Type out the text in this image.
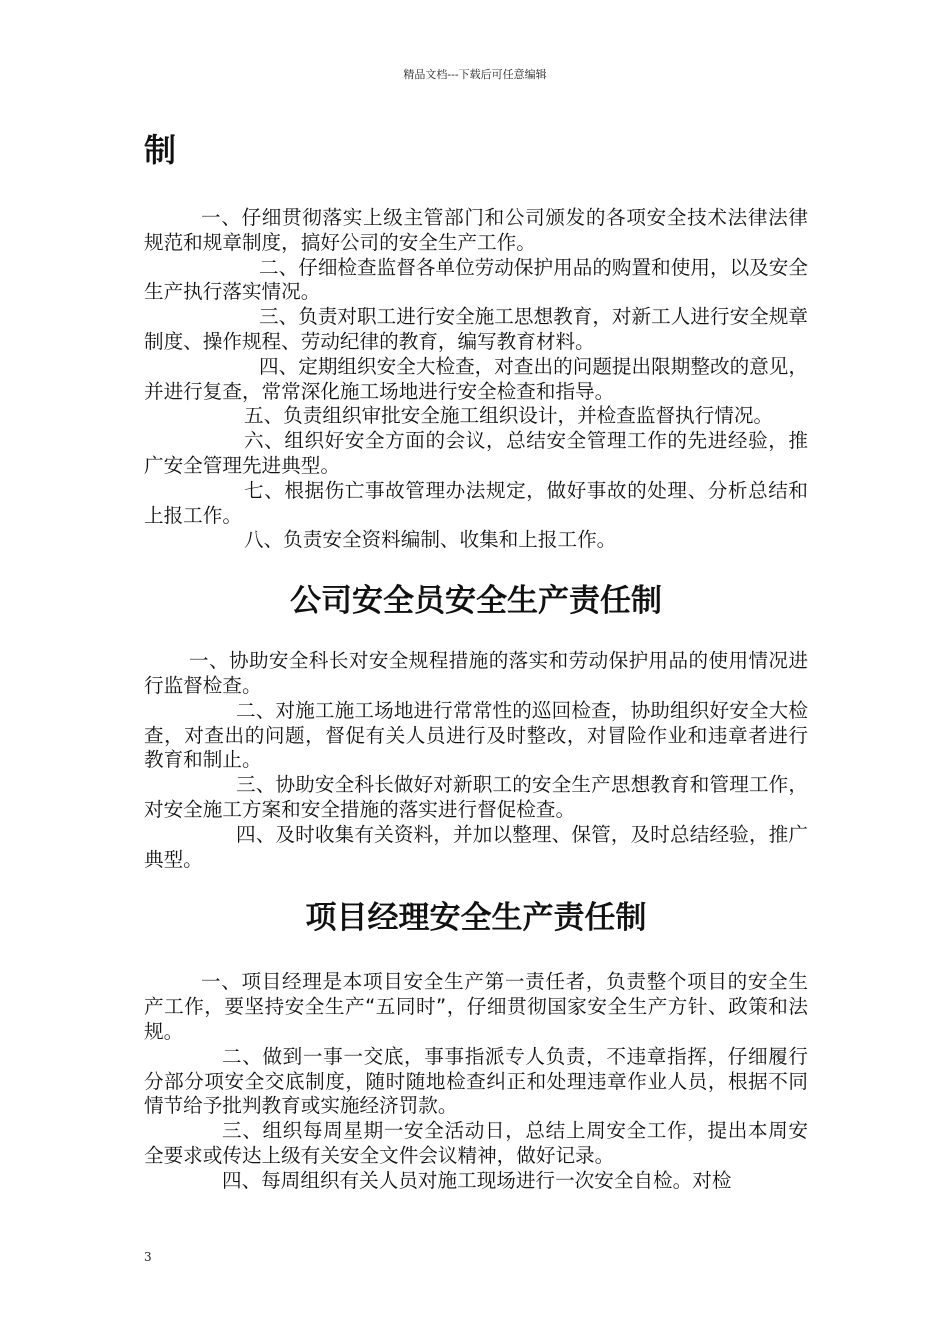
精品文档---下载后可任意编辑
制

一、仔细贯彻落实上级主管部门和公司颁发的各项安全技术法律法律规范和规章制度，搞好公司的安全生产工作。

二、仔细检查监督各单位劳动保护用品的购置和使用，以及安全生产执行落实情况。

三、负责对职工进行安全施工思想教育，对新工人进行安全规章制度、操作规程、劳动纪律的教育，编写教育材料。

四、定期组织安全大检查，对查出的问题提出限期整改的意见，并进行复查，常常深化施工场地进行安全检查和指导。

五、负责组织审批安全施工组织设计，并检查监督执行情况。

六、组织好安全方面的会议，总结安全管理工作的先进经验，推广安全管理先进典型。

七、根据伤亡事故管理办法规定，做好事故的处理、分析总结和上报工作。

八、负责安全资料编制、收集和上报工作。

公司安全员安全生产责任制

一、协助安全科长对安全规程措施的落实和劳动保护用品的使用情况进行监督检查。

二、对施工施工场地进行常常性的巡回检查，协助组织好安全大检查，对查出的问题，督促有关人员进行及时整改，对冒险作业和违章者进行教育和制止。

三、协助安全科长做好对新职工的安全生产思想教育和管理工作，对安全施工方案和安全措施的落实进行督促检查。

四、及时收集有关资料，并加以整理、保管，及时总结经验，推广典型。

项目经理安全生产责任制

一、项目经理是本项目安全生产第一责任者，负责整个项目的安全生产工作，要坚持安全生产“五同时”，仔细贯彻国家安全生产方针、政策和法规。

二、做到一事一交底，事事指派专人负责，不违章指挥，仔细履行分部分项安全交底制度，随时随地检查纠正和处理违章作业人员，根据不同情节给予批判教育或实施经济罚款。

三、组织每周星期一安全活动日，总结上周安全工作，提出本周安全要求或传达上级有关安全文件会议精神，做好记录。

四、每周组织有关人员对施工现场进行一次安全自检。对检

3
